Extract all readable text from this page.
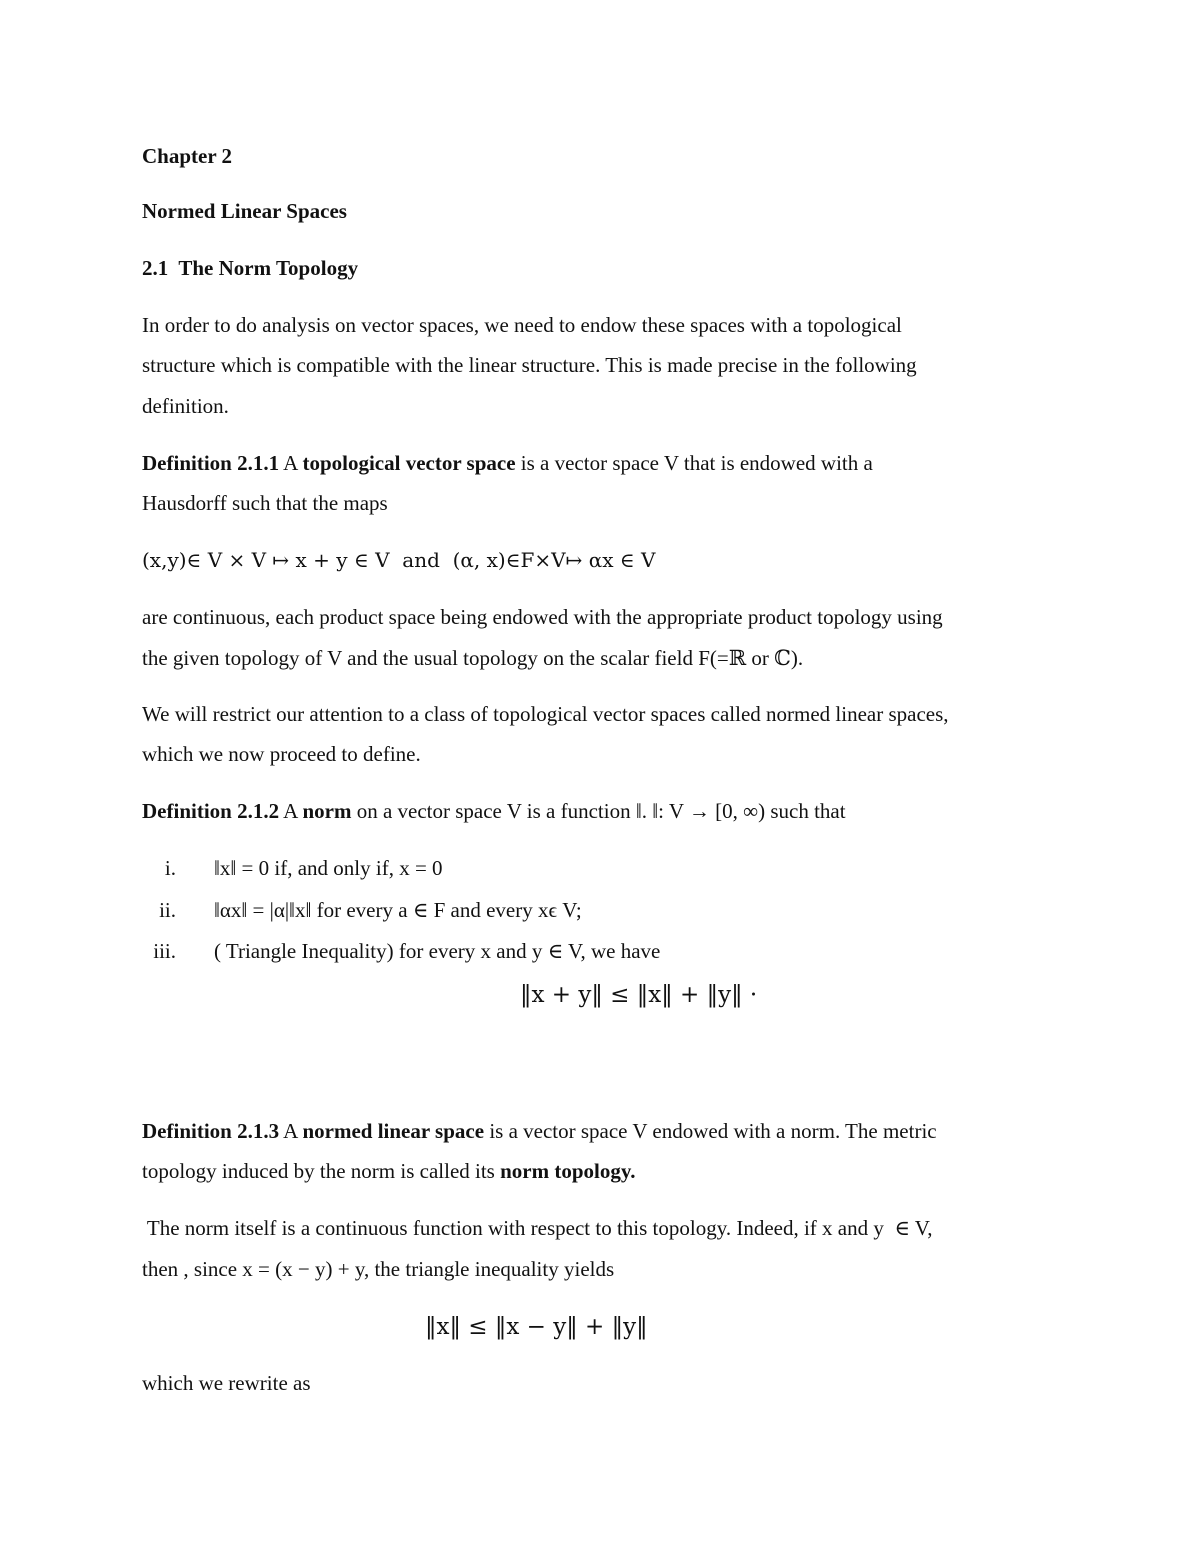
Chapter 2
Normed Linear Spaces
2.1  The Norm Topology
In order to do analysis on vector spaces, we need to endow these spaces with a topological
structure which is compatible with the linear structure. This is made precise in the following
definition.
Definition 2.1.1 A topological vector space is a vector space V that is endowed with a
Hausdorff such that the maps
(x,y)∈ V × V ↦ x + y ∈ V  and  (α, x)∈F×V↦ αx ∈ V
are continuous, each product space being endowed with the appropriate product topology using
the given topology of V and the usual topology on the scalar field F(=ℝ or ℂ).
We will restrict our attention to a class of topological vector spaces called normed linear spaces,
which we now proceed to define.
Definition 2.1.2 A norm on a vector space V is a function ‖. ‖: V → [0, ∞) such that
i. ‖x‖ = 0 if, and only if, x = 0
ii. ‖αx‖ = |α|‖x‖ for every a ∈ F and every xϵ V;
iii. ( Triangle Inequality) for every x and y ∈ V, we have
‖x + y‖ ≤ ‖x‖ + ‖y‖ ·
Definition 2.1.3 A normed linear space is a vector space V endowed with a norm. The metric
topology induced by the norm is called its norm topology.
The norm itself is a continuous function with respect to this topology. Indeed, if x and y  ∈ V,
then , since x = (x − y) + y, the triangle inequality yields
‖x‖ ≤ ‖x − y‖ + ‖y‖
which we rewrite as
